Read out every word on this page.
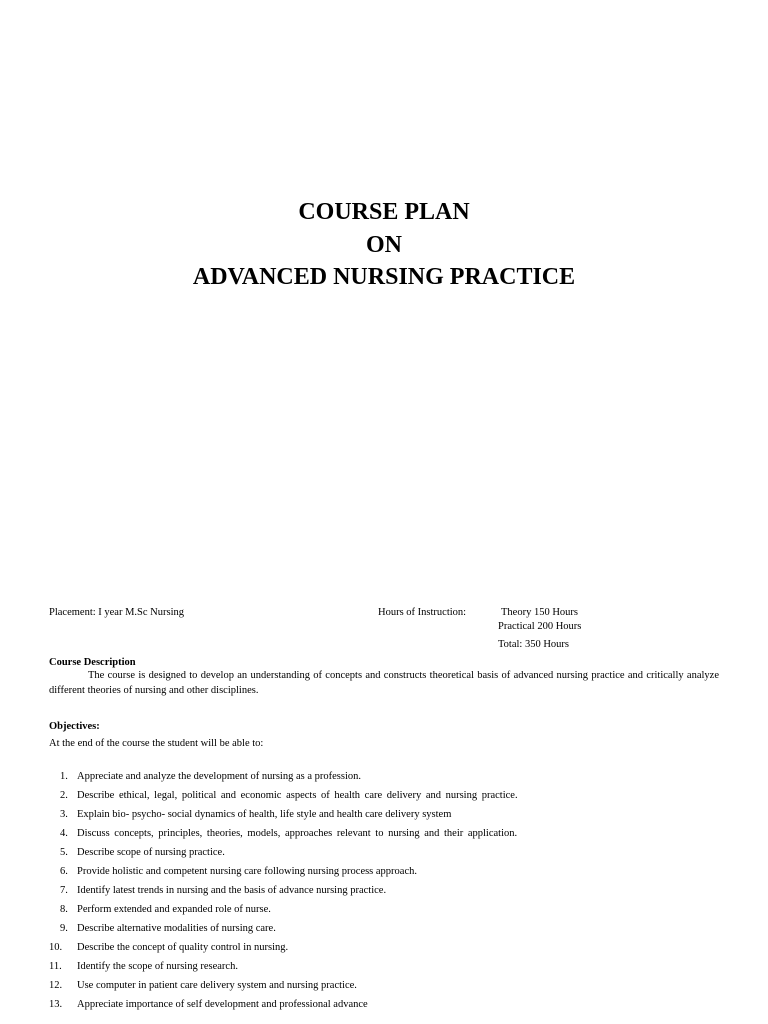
COURSE PLAN
ON
ADVANCED NURSING PRACTICE
Placement: I year M.Sc Nursing	Hours of Instruction:	Theory 150 Hours
Practical 200 Hours
Total: 350 Hours
Course Description

The course is designed to develop an understanding of concepts and constructs theoretical basis of advanced nursing practice and critically analyze different theories of nursing and other disciplines.

Objectives:

At the end of the course the student will be able to:

1. Appreciate and analyze the development of nursing as a profession.
2. Describe ethical, legal, political and economic aspects of health care delivery and nursing practice.
3. Explain bio- psycho- social dynamics of health, life style and health care delivery system
4. Discuss concepts, principles, theories, models, approaches relevant to nursing and their application.
5. Describe scope of nursing practice.
6. Provide holistic and competent nursing care following nursing process approach.
7. Identify latest trends in nursing and the basis of advance nursing practice.
8. Perform extended and expanded role of nurse.
9. Describe alternative modalities of nursing care.
10.	Describe the concept of quality control in nursing.
11.	Identify the scope of nursing research.
12.	Use computer in patient care delivery system and nursing practice.
13.	Appreciate importance of self development and professional advance
